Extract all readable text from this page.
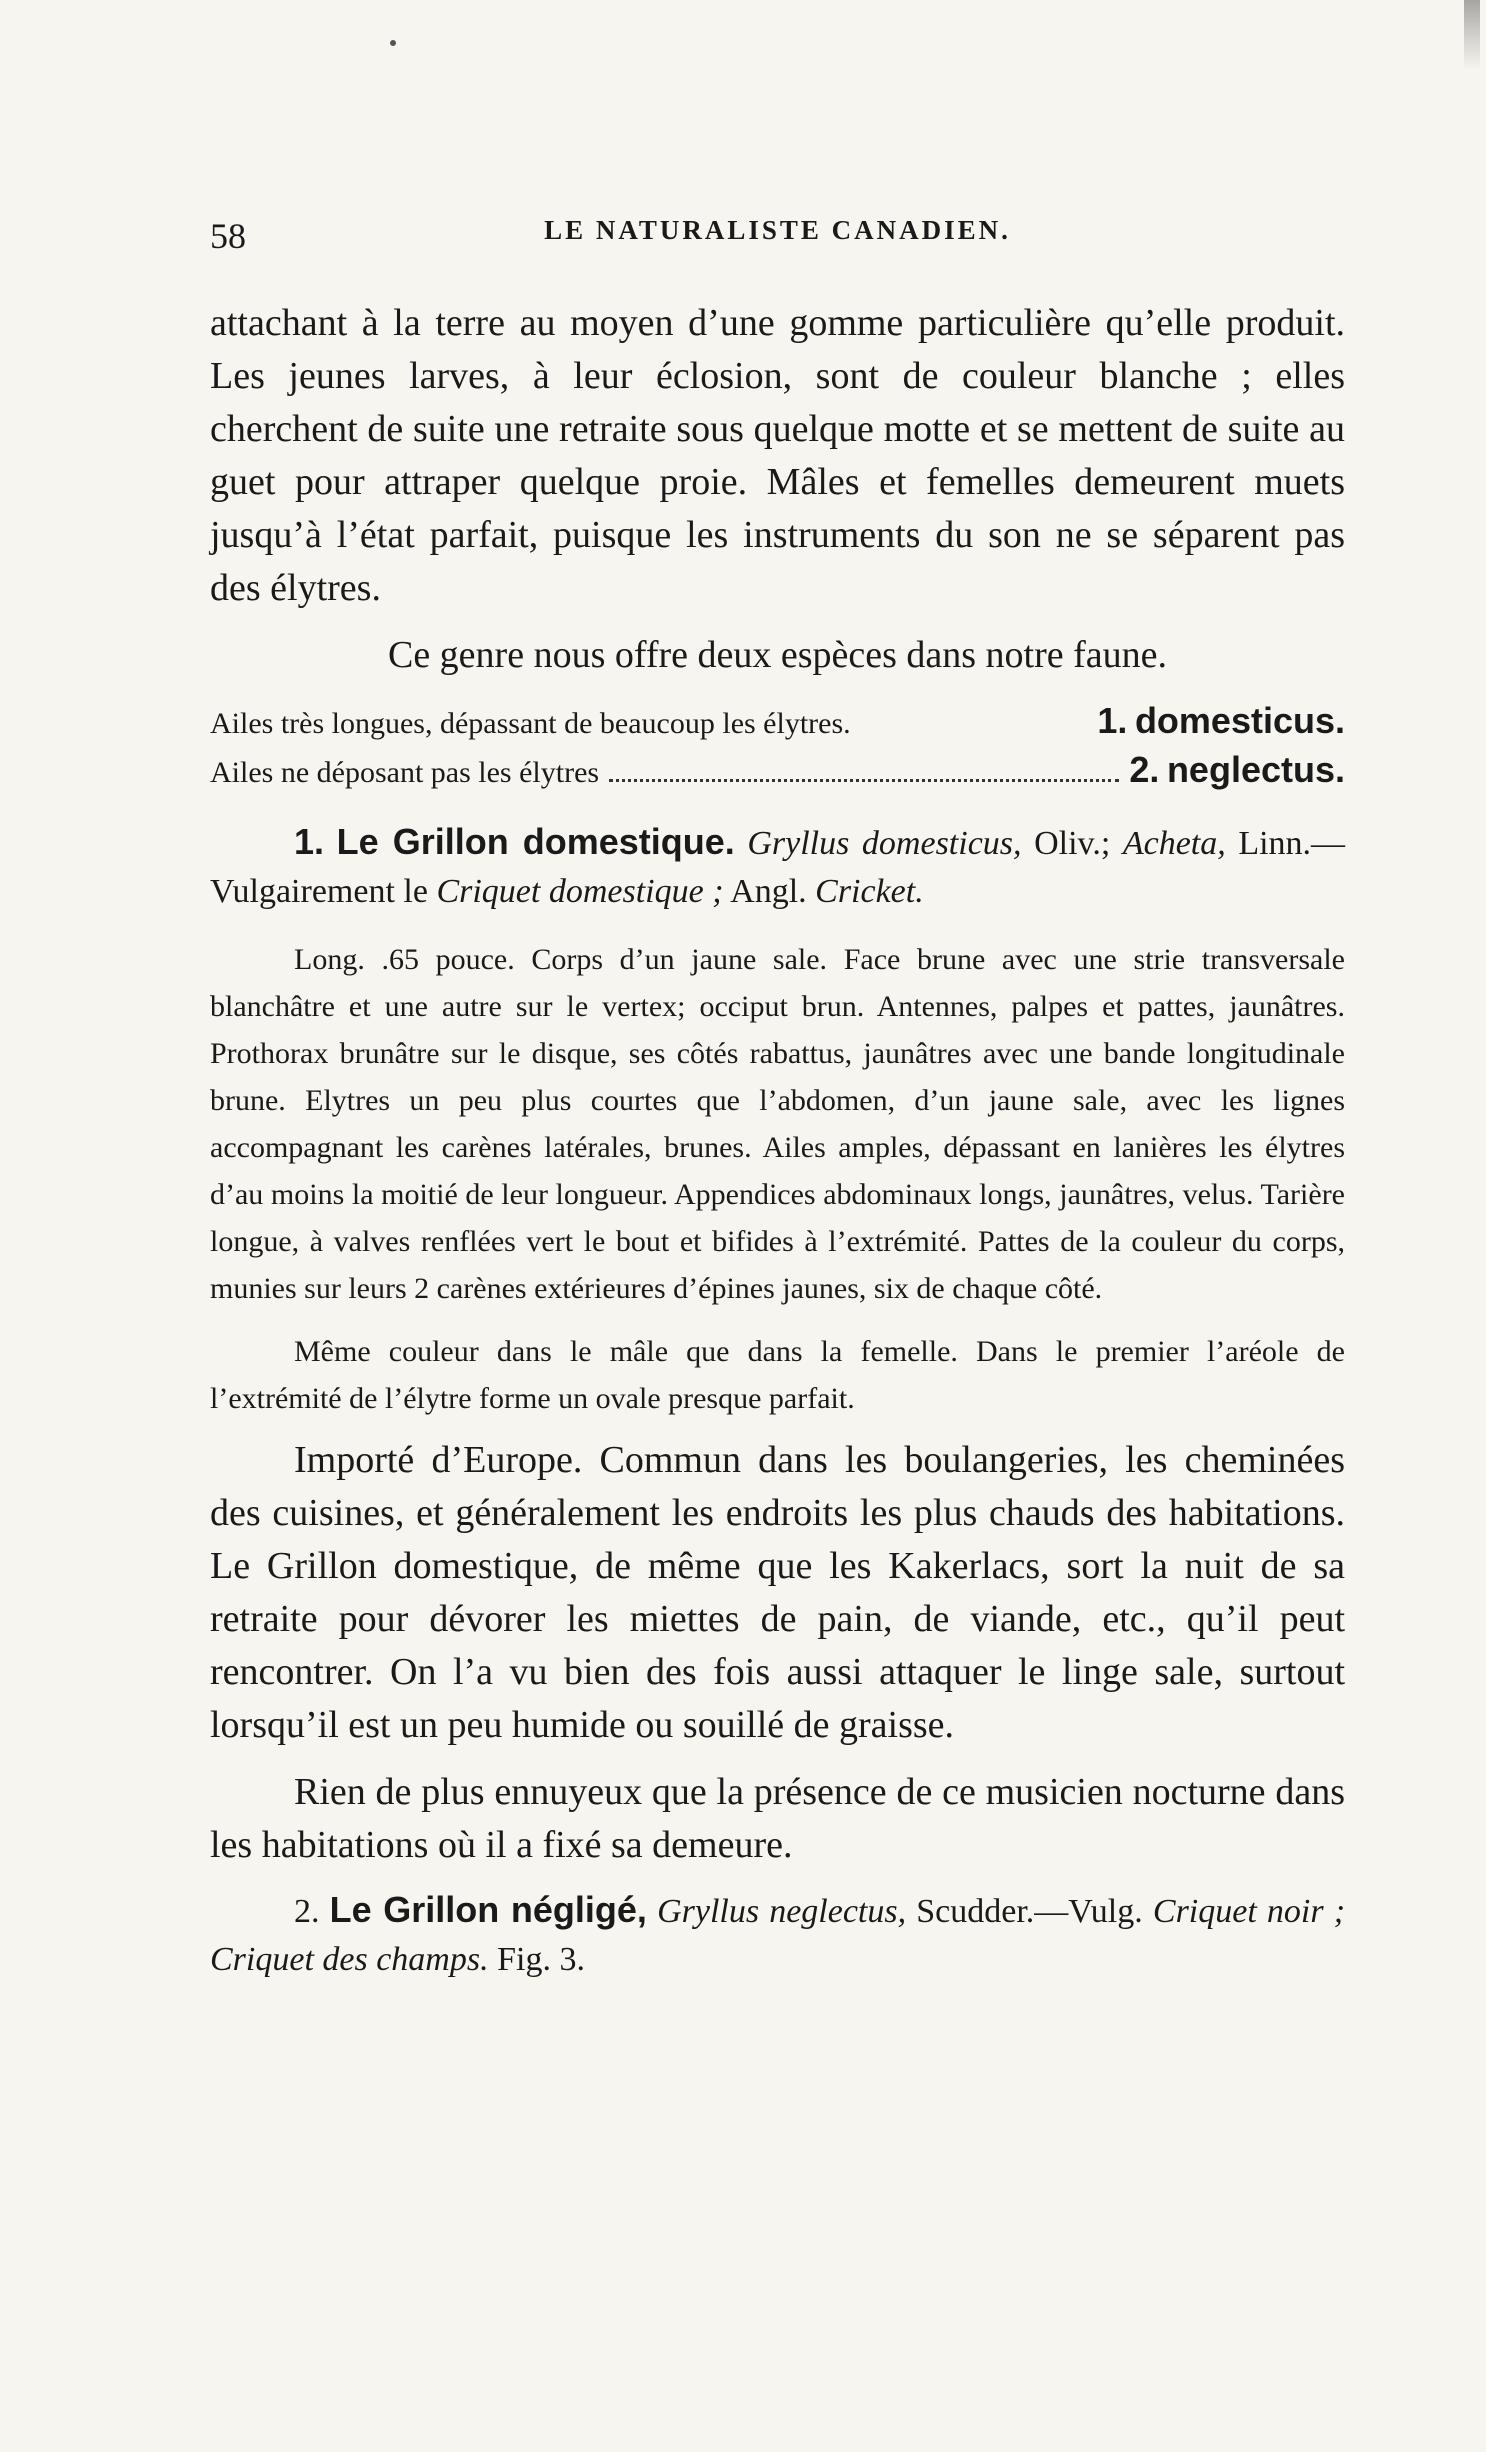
58	LE NATURALISTE CANADIEN.

attachant à la terre au moyen d’une gomme particulière qu’elle produit. Les jeunes larves, à leur éclosion, sont de couleur blanche ; elles cherchent de suite une retraite sous quelque motte et se mettent de suite au guet pour attraper quelque proie. Mâles et femelles demeurent muets jusqu’à l’état parfait, puisque les instruments du son ne se séparent pas des élytres.

Ce genre nous offre deux espèces dans notre faune.

Ailes très longues, dépassant de beaucoup les élytres.	1. domesticus.
Ailes ne déposant pas les élytres	2. neglectus.

1. Le Grillon domestique. Gryllus domesticus, Oliv.; Acheta, Linn.—Vulgairement le Criquet domestique ; Angl. Cricket.

Long. .65 pouce. Corps d’un jaune sale. Face brune avec une strie transversale blanchâtre et une autre sur le vertex; occiput brun. Antennes, palpes et pattes, jaunâtres. Prothorax brunâtre sur le disque, ses côtés rabattus, jaunâtres avec une bande longitudinale brune. Elytres un peu plus courtes que l’abdomen, d’un jaune sale, avec les lignes accompagnant les carènes latérales, brunes. Ailes amples, dépassant en lanières les élytres d’au moins la moitié de leur longueur. Appendices abdominaux longs, jaunâtres, velus. Tarière longue, à valves renflées vert le bout et bifides à l’extrémité. Pattes de la couleur du corps, munies sur leurs 2 carènes extérieures d’épines jaunes, six de chaque côté.

Même couleur dans le mâle que dans la femelle. Dans le premier l’aréole de l’extrémité de l’élytre forme un ovale presque parfait.

Importé d’Europe. Commun dans les boulangeries, les cheminées des cuisines, et généralement les endroits les plus chauds des habitations. Le Grillon domestique, de même que les Kakerlacs, sort la nuit de sa retraite pour dévorer les miettes de pain, de viande, etc., qu’il peut rencontrer. On l’a vu bien des fois aussi attaquer le linge sale, surtout lorsqu’il est un peu humide ou souillé de graisse.

Rien de plus ennuyeux que la présence de ce musicien nocturne dans les habitations où il a fixé sa demeure.

2. Le Grillon négligé, Gryllus neglectus, Scudder.—Vulg. Criquet noir ; Criquet des champs. Fig. 3.
